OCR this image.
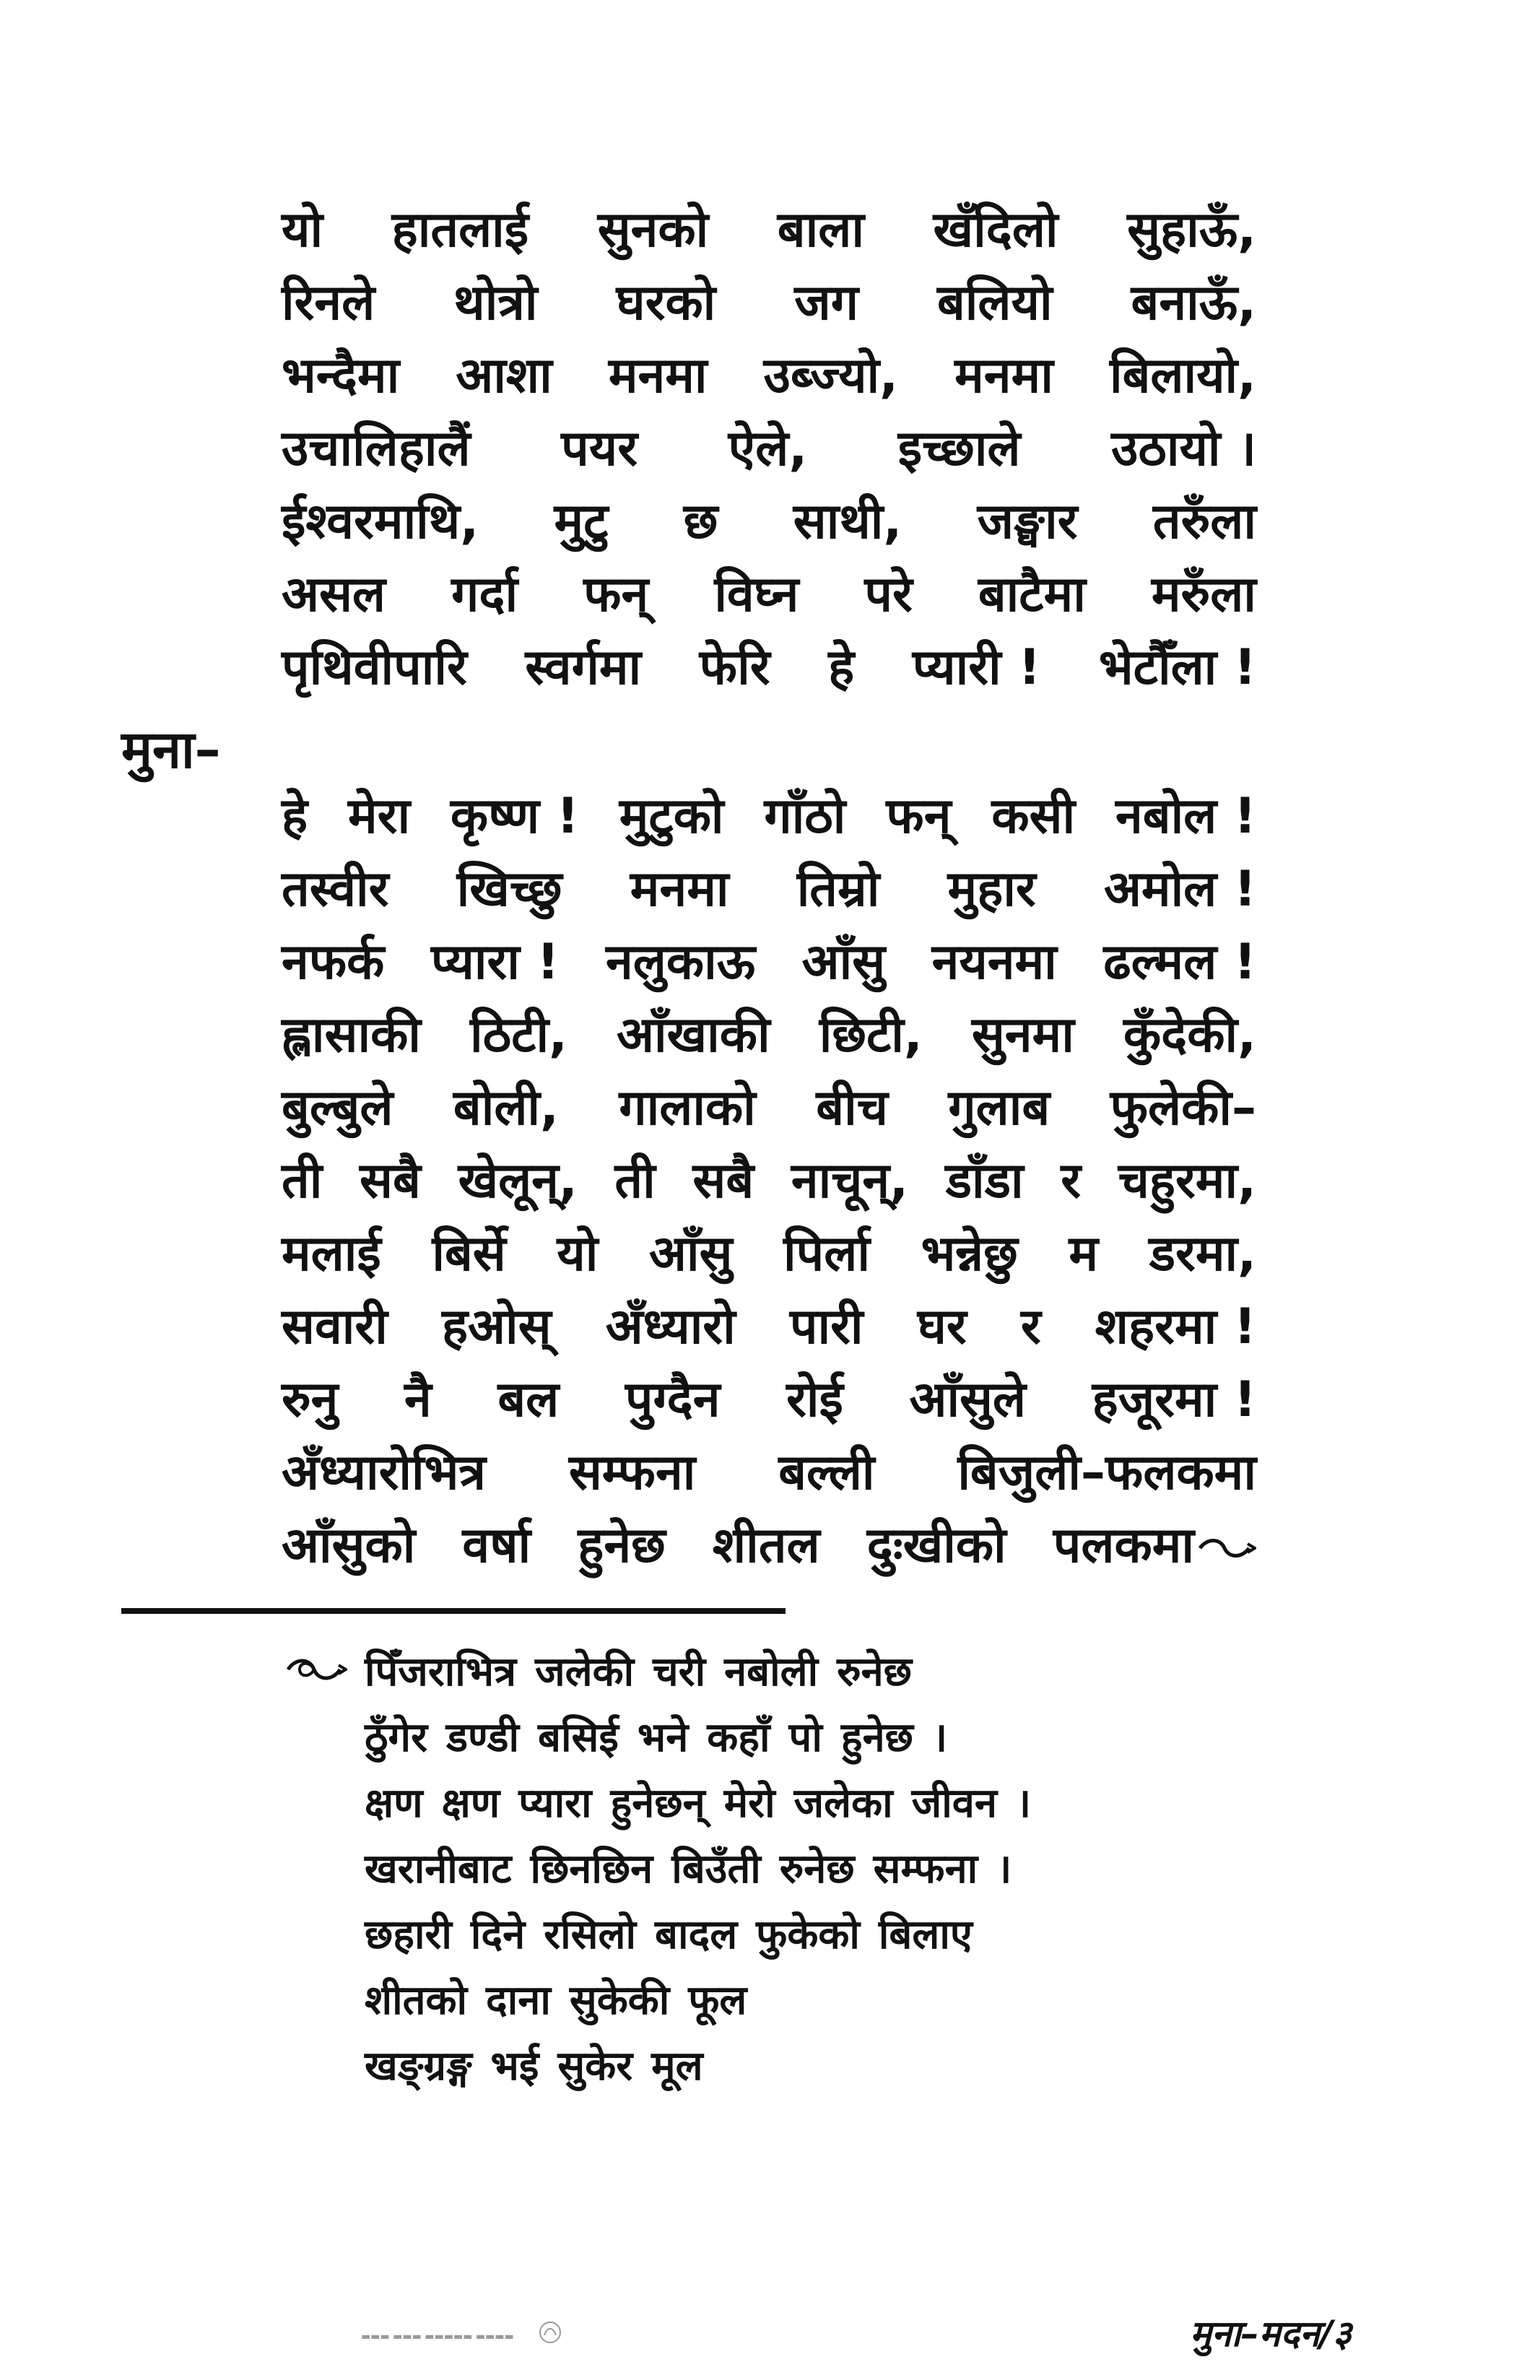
यो हातलाई सुनको बाला खँदिलो सुहाऊँ,
रिनले थोत्रो घरको जग बलियो बनाऊँ,
भन्दैमा आशा मनमा उब्ज्यो, मनमा बिलायो,
उचालिहालैं पयर ऐले, इच्छाले उठायो ।
ईश्वरमाथि, मुटु छ साथी, जङ्घार तरुँला
असल गर्दा फन् विघ्न परे बाटैमा मरुँला
पृथिवीपारि स्वर्गमा फेरि हे प्यारी ! भेटौँला !
मुना–
हे मेरा कृष्ण ! मुटुको गाँठो फन् कसी नबोल !
तस्वीर खिच्छु मनमा तिम्रो मुहार अमोल !
नफर्क प्यारा ! नलुकाऊ आँसु नयनमा ढल्मल !
ह्लासाकी ठिटी, आँखाकी छिटी, सुनमा कुँदेकी,
बुल्बुले बोली, गालाको बीच गुलाब फुलेकी–
ती सबै खेलून्, ती सबै नाचून्, डाँडा र चहुरमा,
मलाई बिर्से यो आँसु पिर्ला भन्नेछु म डरमा,
सवारी हओस् अँध्यारो पारी घर र शहरमा !
रुनु नै बल पुग्दैन रोई आँसुले हजूरमा !
अँध्यारोभित्र सम्फना बल्ली बिजुली–फलकमा
आँसुको वर्षा हुनेछ शीतल दुःखीको पलकमा
पिँजराभित्र जलेकी चरी नबोली रुनेछ
ठुँगेर डण्डी बसिई भने कहाँ पो हुनेछ ।
क्षण क्षण प्यारा हुनेछन् मेरो जलेका जीवन ।
खरानीबाट छिनछिन बिउँती रुनेछ सम्फना ।
छहारी दिने रसिलो बादल फुकेको बिलाए
शीतको दाना सुकेकी फूल
खङ्ग्रङ्ग भई सुकेर मूल
▬▬▬ ▬▬▬ ▬▬▬▬▬ ▬▬▬▬	मुना–मदन/३
